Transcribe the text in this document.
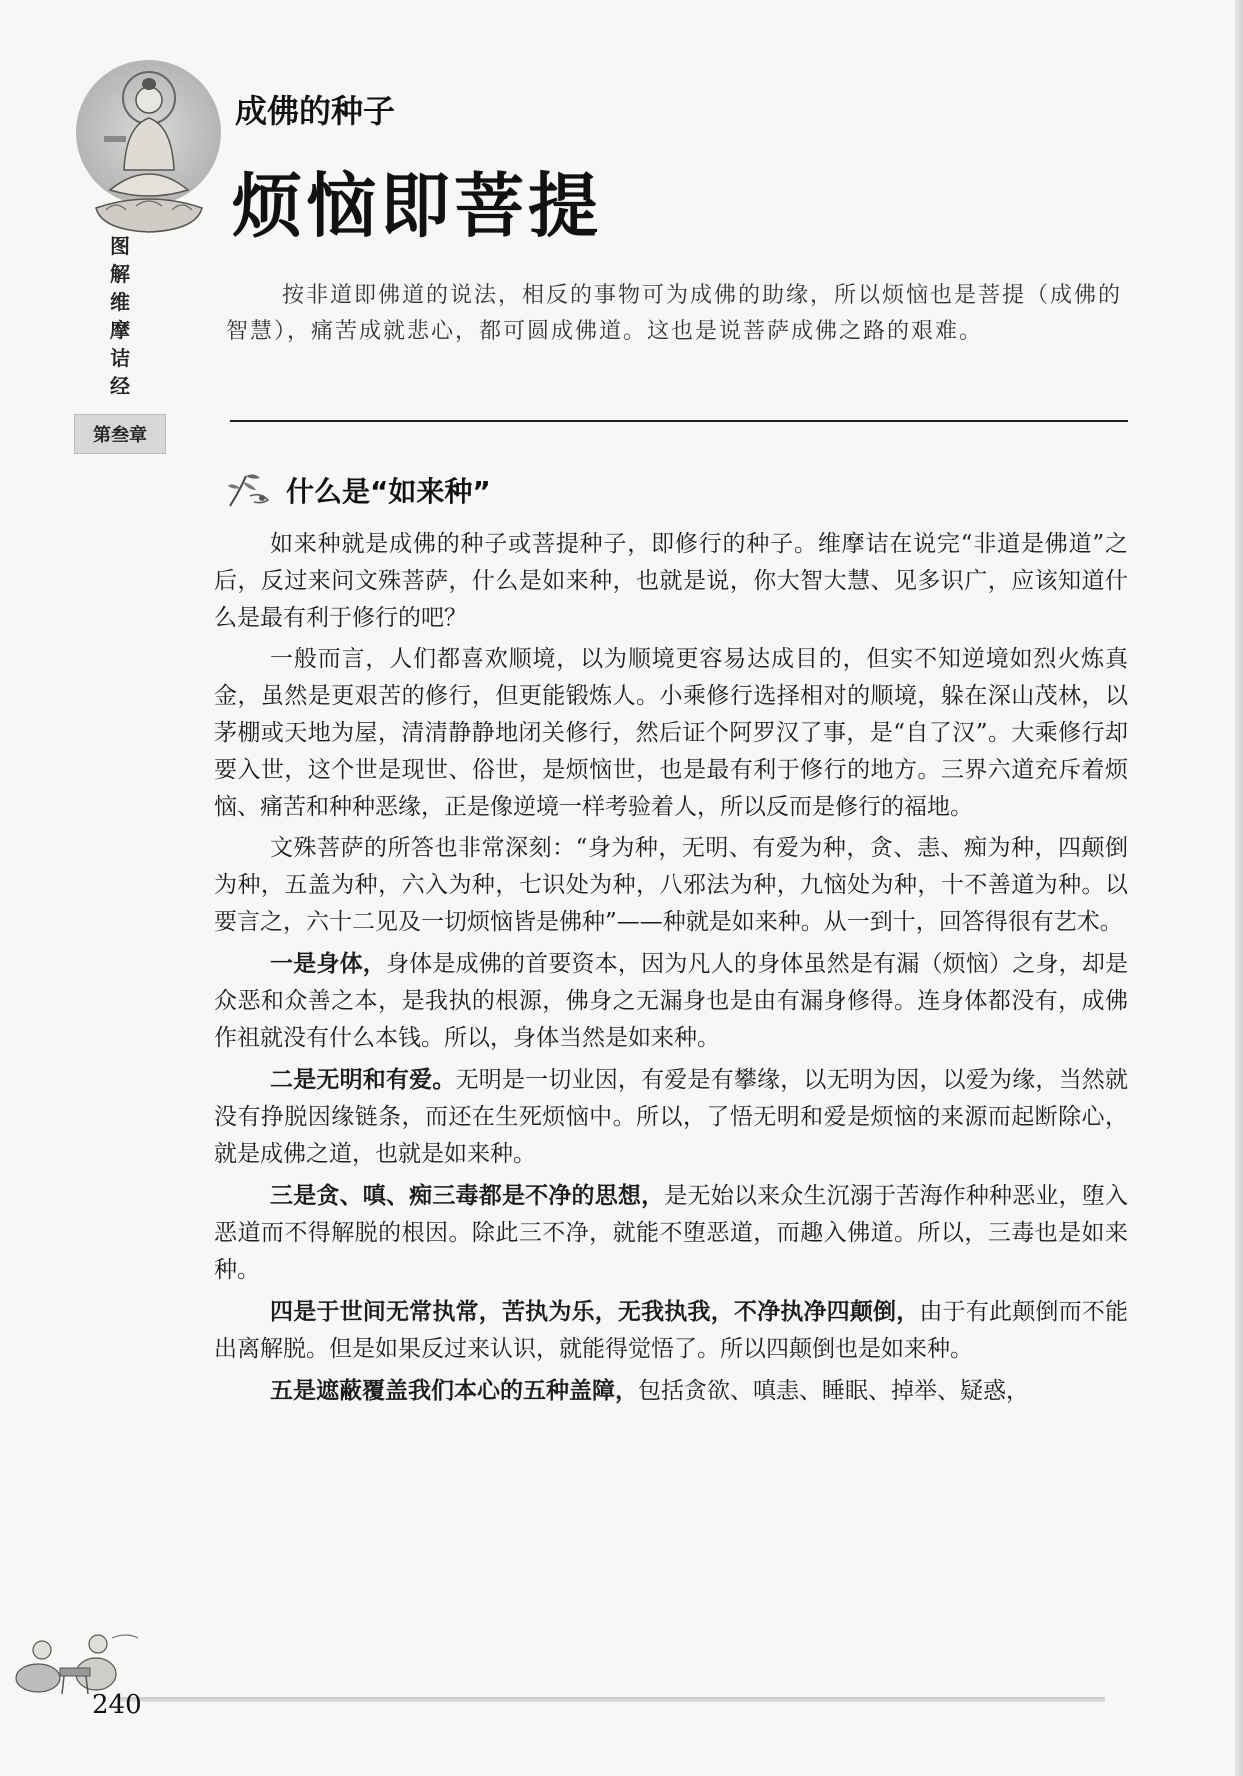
图解维摩诘经
第叁章
成佛的种子
烦恼即菩提

按非道即佛道的说法，相反的事物可为成佛的助缘，所以烦恼也是菩提（成佛的智慧），痛苦成就悲心，都可圆成佛道。这也是说菩萨成佛之路的艰难。

什么是“如来种”

如来种就是成佛的种子或菩提种子，即修行的种子。维摩诘在说完“非道是佛道”之后，反过来问文殊菩萨，什么是如来种，也就是说，你大智大慧、见多识广，应该知道什么是最有利于修行的吧？

一般而言，人们都喜欢顺境，以为顺境更容易达成目的，但实不知逆境如烈火炼真金，虽然是更艰苦的修行，但更能锻炼人。小乘修行选择相对的顺境，躲在深山茂林，以茅棚或天地为屋，清清静静地闭关修行，然后证个阿罗汉了事，是“自了汉”。大乘修行却要入世，这个世是现世、俗世，是烦恼世，也是最有利于修行的地方。三界六道充斥着烦恼、痛苦和种种恶缘，正是像逆境一样考验着人，所以反而是修行的福地。

文殊菩萨的所答也非常深刻：“身为种，无明、有爱为种，贪、恚、痴为种，四颠倒为种，五盖为种，六入为种，七识处为种，八邪法为种，九恼处为种，十不善道为种。以要言之，六十二见及一切烦恼皆是佛种”——种就是如来种。从一到十，回答得很有艺术。

一是身体，身体是成佛的首要资本，因为凡人的身体虽然是有漏（烦恼）之身，却是众恶和众善之本，是我执的根源，佛身之无漏身也是由有漏身修得。连身体都没有，成佛作祖就没有什么本钱。所以，身体当然是如来种。

二是无明和有爱。无明是一切业因，有爱是有攀缘，以无明为因，以爱为缘，当然就没有挣脱因缘链条，而还在生死烦恼中。所以，了悟无明和爱是烦恼的来源而起断除心，就是成佛之道，也就是如来种。

三是贪、嗔、痴三毒都是不净的思想，是无始以来众生沉溺于苦海作种种恶业，堕入恶道而不得解脱的根因。除此三不净，就能不堕恶道，而趣入佛道。所以，三毒也是如来种。

四是于世间无常执常，苦执为乐，无我执我，不净执净四颠倒，由于有此颠倒而不能出离解脱。但是如果反过来认识，就能得觉悟了。所以四颠倒也是如来种。

五是遮蔽覆盖我们本心的五种盖障，包括贪欲、嗔恚、睡眠、掉举、疑惑，

240
